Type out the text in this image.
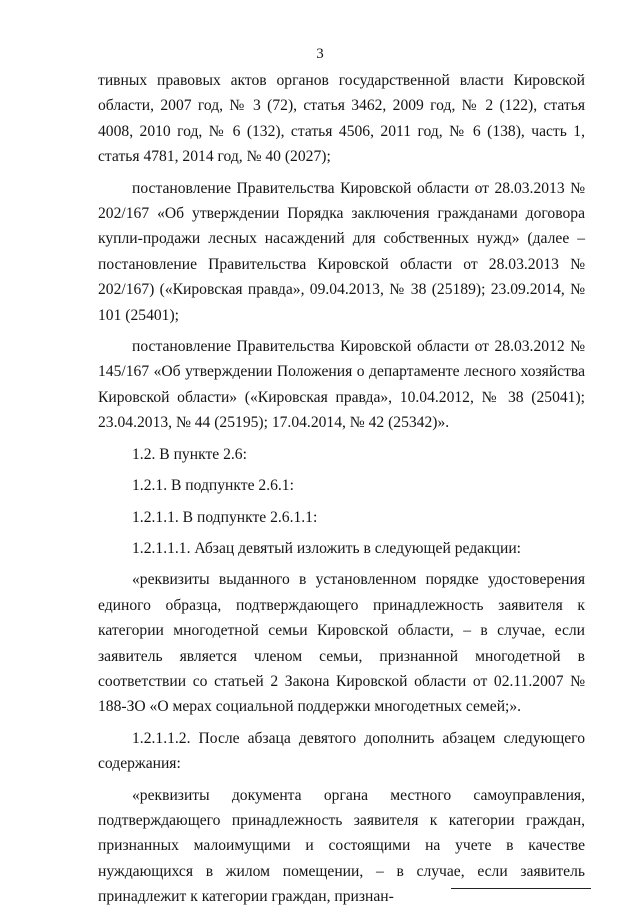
3

тивных правовых актов органов государственной власти Кировской области, 2007 год, № 3 (72), статья 3462, 2009 год, № 2 (122), статья 4008, 2010 год, № 6 (132), статья 4506, 2011 год, № 6 (138), часть 1, статья 4781, 2014 год, № 40 (2027);

постановление Правительства Кировской области от 28.03.2013 № 202/167 «Об утверждении Порядка заключения гражданами договора купли-продажи лесных насаждений для собственных нужд» (далее – постановление Правительства Кировской области от 28.03.2013 № 202/167) («Кировская правда», 09.04.2013, № 38 (25189); 23.09.2014, № 101 (25401);

постановление Правительства Кировской области от 28.03.2012 № 145/167 «Об утверждении Положения о департаменте лесного хозяйства Кировской области» («Кировская правда», 10.04.2012, № 38 (25041); 23.04.2013, № 44 (25195); 17.04.2014, № 42 (25342)».

1.2. В пункте 2.6:

1.2.1. В подпункте 2.6.1:

1.2.1.1. В подпункте 2.6.1.1:

1.2.1.1.1. Абзац девятый изложить в следующей редакции:

«реквизиты выданного в установленном порядке удостоверения единого образца, подтверждающего принадлежность заявителя к категории многодетной семьи Кировской области, – в случае, если заявитель является членом семьи, признанной многодетной в соответствии со статьей 2 Закона Кировской области от 02.11.2007 № 188-ЗО «О мерах социальной поддержки многодетных семей;».

1.2.1.1.2. После абзаца девятого дополнить абзацем следующего содержания:

«реквизиты документа органа местного самоуправления, подтверждающего принадлежность заявителя к категории граждан, признанных малоимущими и состоящими на учете в качестве нуждающихся в жилом помещении, – в случае, если заявитель принадлежит к категории граждан, признан-
